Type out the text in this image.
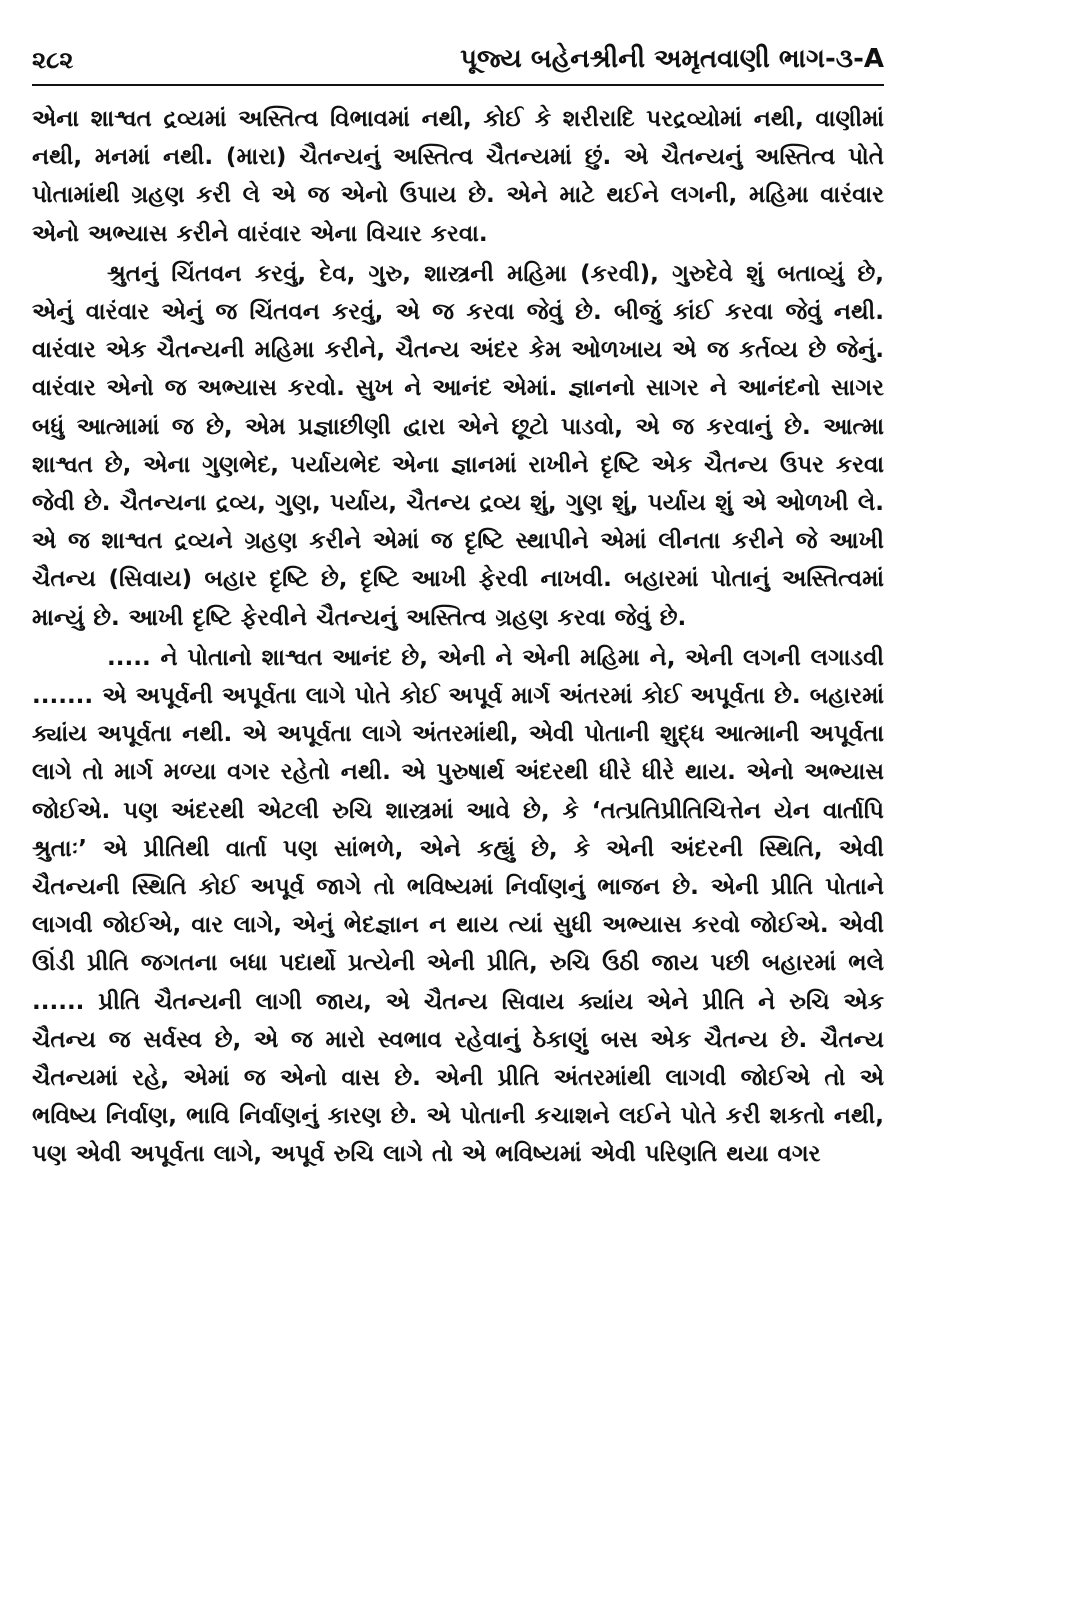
૨૮૨	પૂજ્ય બહેનશ્રીની અમૃતવાણી ભાગ-૩-A

એના શાશ્વત દ્રવ્યમાં અસ્તિત્વ વિભાવમાં નથી, કોઈ કે શરીરાદિ પરદ્રવ્યોમાં નથી, વાણીમાં નથી, મનમાં નથી. (મારા) ચૈતન્યનું અસ્તિત્વ ચૈતન્યમાં છું. એ ચૈતન્યનું અસ્તિત્વ પોતે પોતામાંથી ગ્રહણ કરી લે એ જ એનો ઉપાય છે. એને માટે થઈને લગની, મહિમા વારંવાર એનો અભ્યાસ કરીને વારંવાર એના વિચાર કરવા.

શ્રુતનું ચિંતવન કરવું, દેવ, ગુરુ, શાસ્ત્રની મહિમા (કરવી), ગુરુદેવે શું બતાવ્યું છે, એનું વારંવાર એનું જ ચિંતવન કરવું, એ જ કરવા જેવું છે. બીજું કાંઈ કરવા જેવું નથી. વારંવાર એક ચૈતન્યની મહિમા કરીને, ચૈતન્ય અંદર કેમ ઓળખાય એ જ કર્તવ્ય છે જેનું. વારંવાર એનો જ અભ્યાસ કરવો. સુખ ને આનંદ એમાં. જ્ઞાનનો સાગર ને આનંદનો સાગર બધું આત્મામાં જ છે, એમ પ્રજ્ઞાછીણી દ્વારા એને છૂટો પાડવો, એ જ કરવાનું છે. આત્મા શાશ્વત છે, એના ગુણભેદ, પર્યાયભેદ એના જ્ઞાનમાં રાખીને દૃષ્ટિ એક ચૈતન્ય ઉપર કરવા જેવી છે. ચૈતન્યના દ્રવ્ય, ગુણ, પર્યાય, ચૈતન્ય દ્રવ્ય શું, ગુણ શું, પર્યાય શું એ ઓળખી લે. એ જ શાશ્વત દ્રવ્યને ગ્રહણ કરીને એમાં જ દૃષ્ટિ સ્થાપીને એમાં લીનતા કરીને જે આખી ચૈતન્ય (સિવાય) બહાર દૃષ્ટિ છે, દૃષ્ટિ આખી ફેરવી નાખવી. બહારમાં પોતાનું અસ્તિત્વમાં માન્યું છે. આખી દૃષ્ટિ ફેરવીને ચૈતન્યનું અસ્તિત્વ ગ્રહણ કરવા જેવું છે.

..... ને પોતાનો શાશ્વત આનંદ છે, એની ને એની મહિમા ને, એની લગની લગાડવી ....... એ અપૂર્વની અપૂર્વતા લાગે પોતે કોઈ અપૂર્વ માર્ગ અંતરમાં કોઈ અપૂર્વતા છે. બહારમાં ક્યાંય અપૂર્વતા નથી. એ અપૂર્વતા લાગે અંતરમાંથી, એવી પોતાની શુદ્ધ આત્માની અપૂર્વતા લાગે તો માર્ગ મળ્યા વગર રહેતો નથી. એ પુરુષાર્થ અંદરથી ધીરે ધીરે થાય. એનો અભ્યાસ જોઈએ. પણ અંદરથી એટલી રુચિ શાસ્ત્રમાં આવે છે, કે ‘તત્પ્રતિપ્રીતિચિત્તેન યેન વાર્તાપિ શ્રુતાઃ’ એ પ્રીતિથી વાર્તા પણ સાંભળે, એને કહ્યું છે, કે એની અંદરની સ્થિતિ, એવી ચૈતન્યની સ્થિતિ કોઈ અપૂર્વ જાગે તો ભવિષ્યમાં નિર્વાણનું ભાજન છે. એની પ્રીતિ પોતાને લાગવી જોઈએ, વાર લાગે, એનું ભેદજ્ઞાન ન થાય ત્યાં સુધી અભ્યાસ કરવો જોઈએ. એવી ઊંડી પ્રીતિ જગતના બધા પદાર્થો પ્રત્યેની એની પ્રીતિ, રુચિ ઉઠી જાય પછી બહારમાં ભલે ...... પ્રીતિ ચૈતન્યની લાગી જાય, એ ચૈતન્ય સિવાય ક્યાંય એને પ્રીતિ ને રુચિ એક ચૈતન્ય જ સર્વસ્વ છે, એ જ મારો સ્વભાવ રહેવાનું ઠેકાણું બસ એક ચૈતન્ય છે. ચૈતન્ય ચૈતન્યમાં રહે, એમાં જ એનો વાસ છે. એની પ્રીતિ અંતરમાંથી લાગવી જોઈએ તો એ ભવિષ્ય નિર્વાણ, ભાવિ નિર્વાણનું કારણ છે. એ પોતાની કચાશને લઈને પોતે કરી શકતો નથી, પણ એવી અપૂર્વતા લાગે, અપૂર્વ રુચિ લાગે તો એ ભવિષ્યમાં એવી પરિણતિ થયા વગર
